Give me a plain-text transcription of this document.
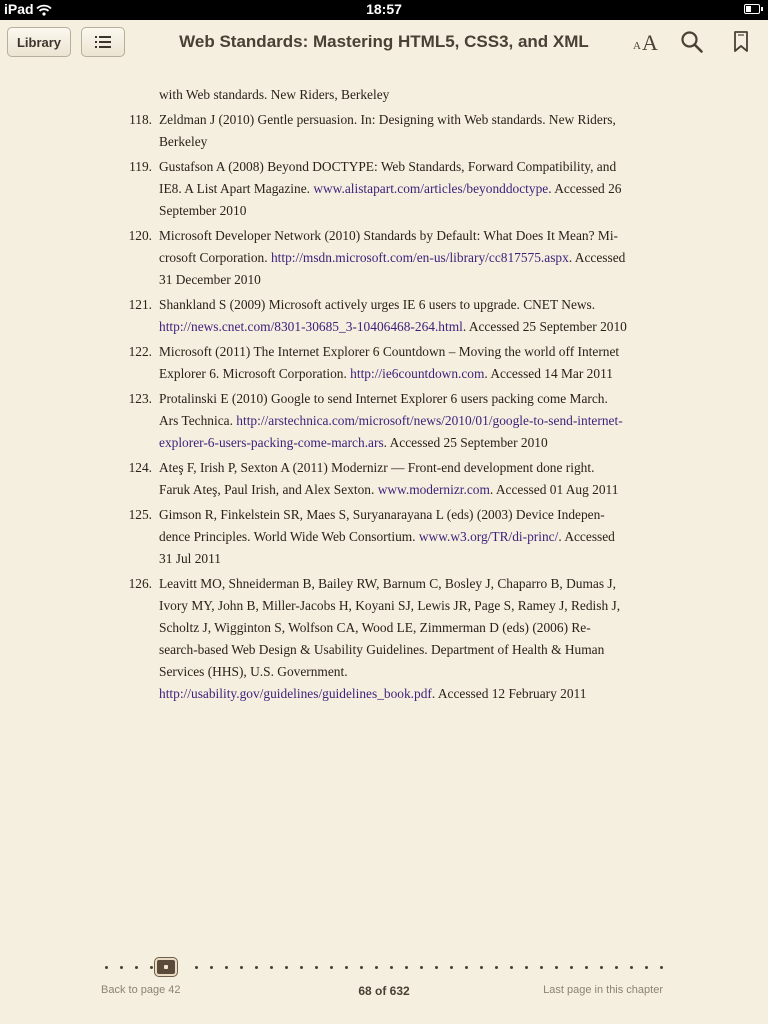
iPad	18:57
Library	Web Standards: Mastering HTML5, CSS3, and XML	A A
with Web standards. New Riders, Berkeley
118. Zeldman J (2010) Gentle persuasion. In: Designing with Web standards. New Riders,
Berkeley
119. Gustafson A (2008) Beyond DOCTYPE: Web Standards, Forward Compatibility, and
IE8. A List Apart Magazine. www.alistapart.com/articles/beyonddoctype. Accessed 26
September 2010
120. Microsoft Developer Network (2010) Standards by Default: What Does It Mean? Mi-
crosoft Corporation. http://msdn.microsoft.com/en-us/library/cc817575.aspx. Accessed
31 December 2010
121. Shankland S (2009) Microsoft actively urges IE 6 users to upgrade. CNET News.
http://news.cnet.com/8301-30685_3-10406468-264.html. Accessed 25 September 2010
122. Microsoft (2011) The Internet Explorer 6 Countdown – Moving the world off Internet
Explorer 6. Microsoft Corporation. http://ie6countdown.com. Accessed 14 Mar 2011
123. Protalinski E (2010) Google to send Internet Explorer 6 users packing come March.
Ars Technica. http://arstechnica.com/microsoft/news/2010/01/google-to-send-internet-
explorer-6-users-packing-come-march.ars. Accessed 25 September 2010
124. Ateş F, Irish P, Sexton A (2011) Modernizr — Front-end development done right.
Faruk Ateş, Paul Irish, and Alex Sexton. www.modernizr.com. Accessed 01 Aug 2011
125. Gimson R, Finkelstein SR, Maes S, Suryanarayana L (eds) (2003) Device Indepen-
dence Principles. World Wide Web Consortium. www.w3.org/TR/di-princ/. Accessed
31 Jul 2011
126. Leavitt MO, Shneiderman B, Bailey RW, Barnum C, Bosley J, Chaparro B, Dumas J,
Ivory MY, John B, Miller-Jacobs H, Koyani SJ, Lewis JR, Page S, Ramey J, Redish J,
Scholtz J, Wigginton S, Wolfson CA, Wood LE, Zimmerman D (eds) (2006) Re-
search-based Web Design & Usability Guidelines. Department of Health & Human
Services (HHS), U.S. Government.
http://usability.gov/guidelines/guidelines_book.pdf. Accessed 12 February 2011
Back to page 42	68 of 632	Last page in this chapter
